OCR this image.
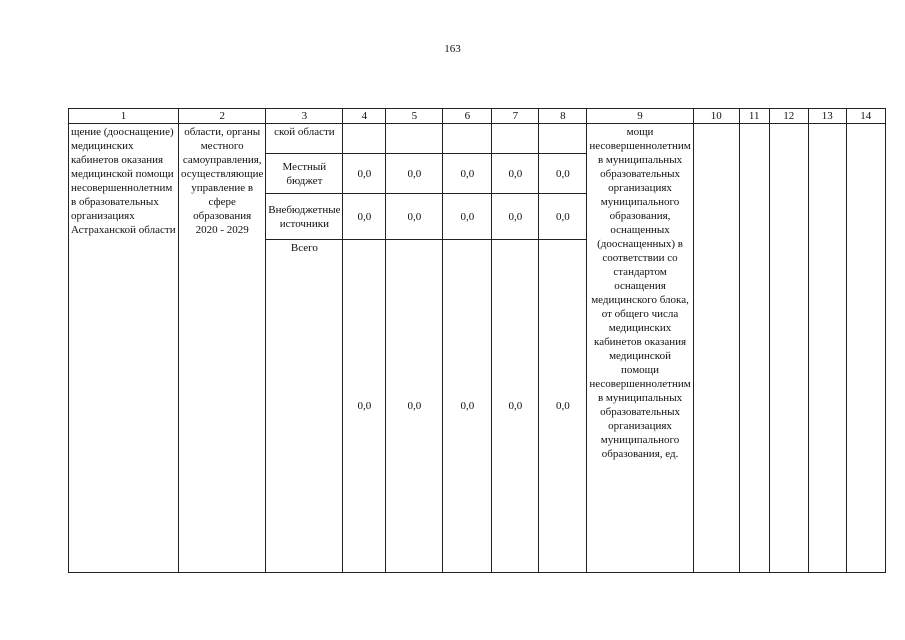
163
1	2	3	4	5	6	7	8	9	10	11	12	13	14
щение (дооснащение) медицинских кабинетов оказания медицинской помощи несовершеннолетним в образовательных организациях Астраханской области	области, органы местного самоуправления, осуществляющие управление в сфере образования 2020 - 2029	ской области						мощи несовершеннолетним в муниципальных образовательных организациях муниципального образования, оснащенных (дооснащенных) в соответствии со стандартом оснащения медицинского блока, от общего числа медицинских кабинетов оказания медицинской помощи несовершеннолетним в муниципальных образовательных организациях муниципального образования, ед.					
		Местный бюджет	0,0	0,0	0,0	0,0	0,0						
		Внебюджетные источники	0,0	0,0	0,0	0,0	0,0						
		Всего	0,0	0,0	0,0	0,0	0,0						
